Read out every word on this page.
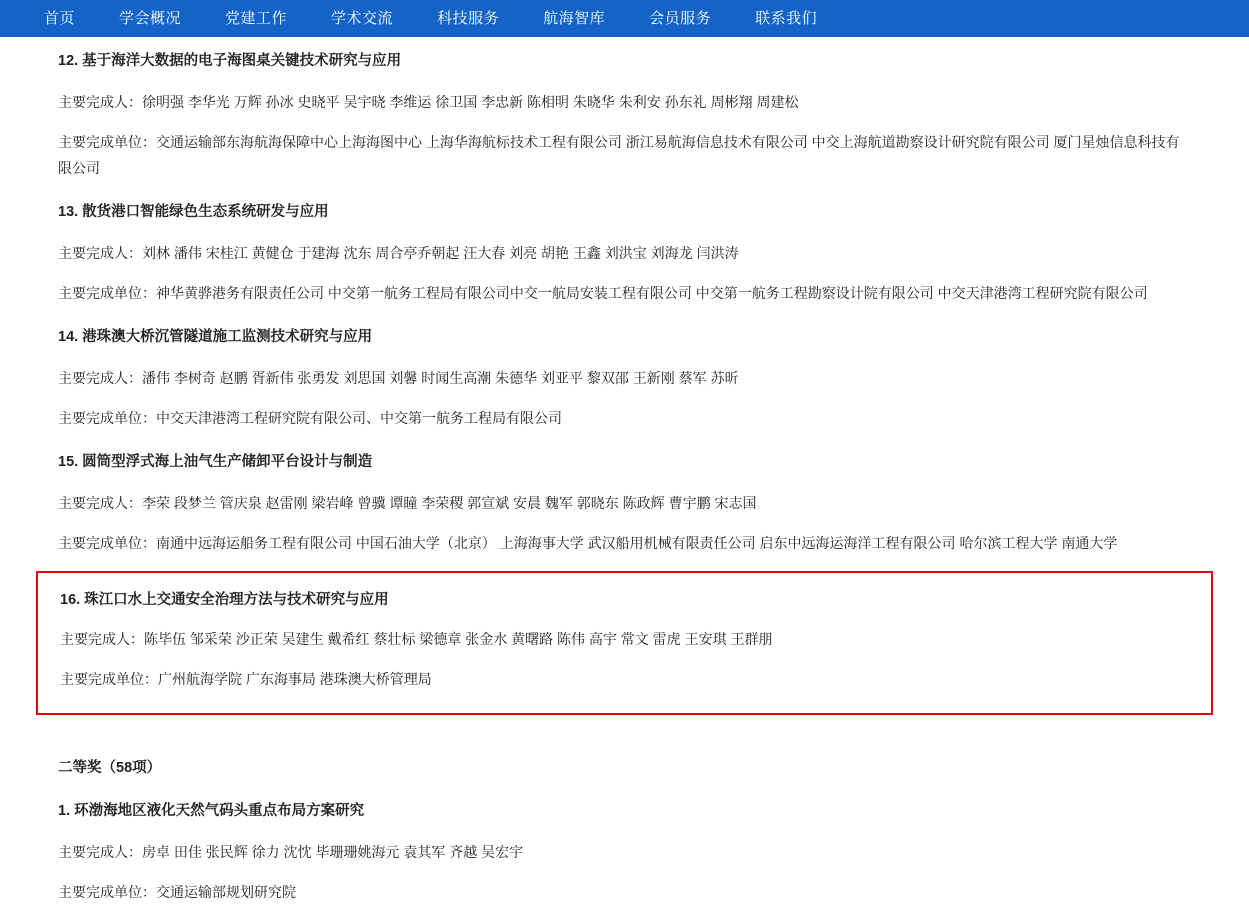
首页	学会概况	党建工作	学术交流	科技服务	航海智库	会员服务	联系我们

12. 基于海洋大数据的电子海图桌关键技术研究与应用

主要完成人：徐明强 李华光 万辉 孙冰 史晓平 吴宇晓 李维运 徐卫国 李忠新 陈相明 朱晓华 朱利安 孙东礼 周彬翔 周建松

主要完成单位：交通运输部东海航海保障中心上海海图中心 上海华海航标技术工程有限公司 浙江易航海信息技术有限公司 中交上海航道勘察设计研究院有限公司 厦门星烛信息科技有限公司

13. 散货港口智能绿色生态系统研发与应用

主要完成人：刘林 潘伟 宋桂江 黄健仓 于建海 沈东 周合亭乔朝起 汪大春 刘亮 胡艳 王鑫 刘洪宝 刘海龙 闫洪涛

主要完成单位：神华黄骅港务有限责任公司 中交第一航务工程局有限公司中交一航局安装工程有限公司 中交第一航务工程勘察设计院有限公司 中交天津港湾工程研究院有限公司

14. 港珠澳大桥沉管隧道施工监测技术研究与应用

主要完成人：潘伟 李树奇 赵鹏 胥新伟 张勇发 刘思国 刘馨 时闻生高潮 朱德华 刘亚平 黎双邵 王新刚 蔡军 苏昕

主要完成单位：中交天津港湾工程研究院有限公司、中交第一航务工程局有限公司

15. 圆筒型浮式海上油气生产储卸平台设计与制造

主要完成人：李荣 段梦兰 管庆泉 赵雷刚 梁岩峰 曾骥 谭瞳 李荣稷 郭宣斌 安晨 魏军 郭晓东 陈政辉 曹宇鹏 宋志国

主要完成单位：南通中远海运船务工程有限公司 中国石油大学（北京） 上海海事大学 武汉船用机械有限责任公司 启东中远海运海洋工程有限公司 哈尔滨工程大学 南通大学

16. 珠江口水上交通安全治理方法与技术研究与应用

主要完成人：陈毕伍 邹采荣 沙正荣 吴建生 戴希红 蔡壮标 梁德章 张金水 黄曙路 陈伟 高宇 常文 雷虎 王安琪 王群朋

主要完成单位：广州航海学院 广东海事局 港珠澳大桥管理局

二等奖（58项）

1. 环渤海地区液化天然气码头重点布局方案研究

主要完成人：房卓 田佳 张民辉 徐力 沈忱 毕珊珊姚海元 袁其军 齐越 吴宏宇

主要完成单位：交通运输部规划研究院
